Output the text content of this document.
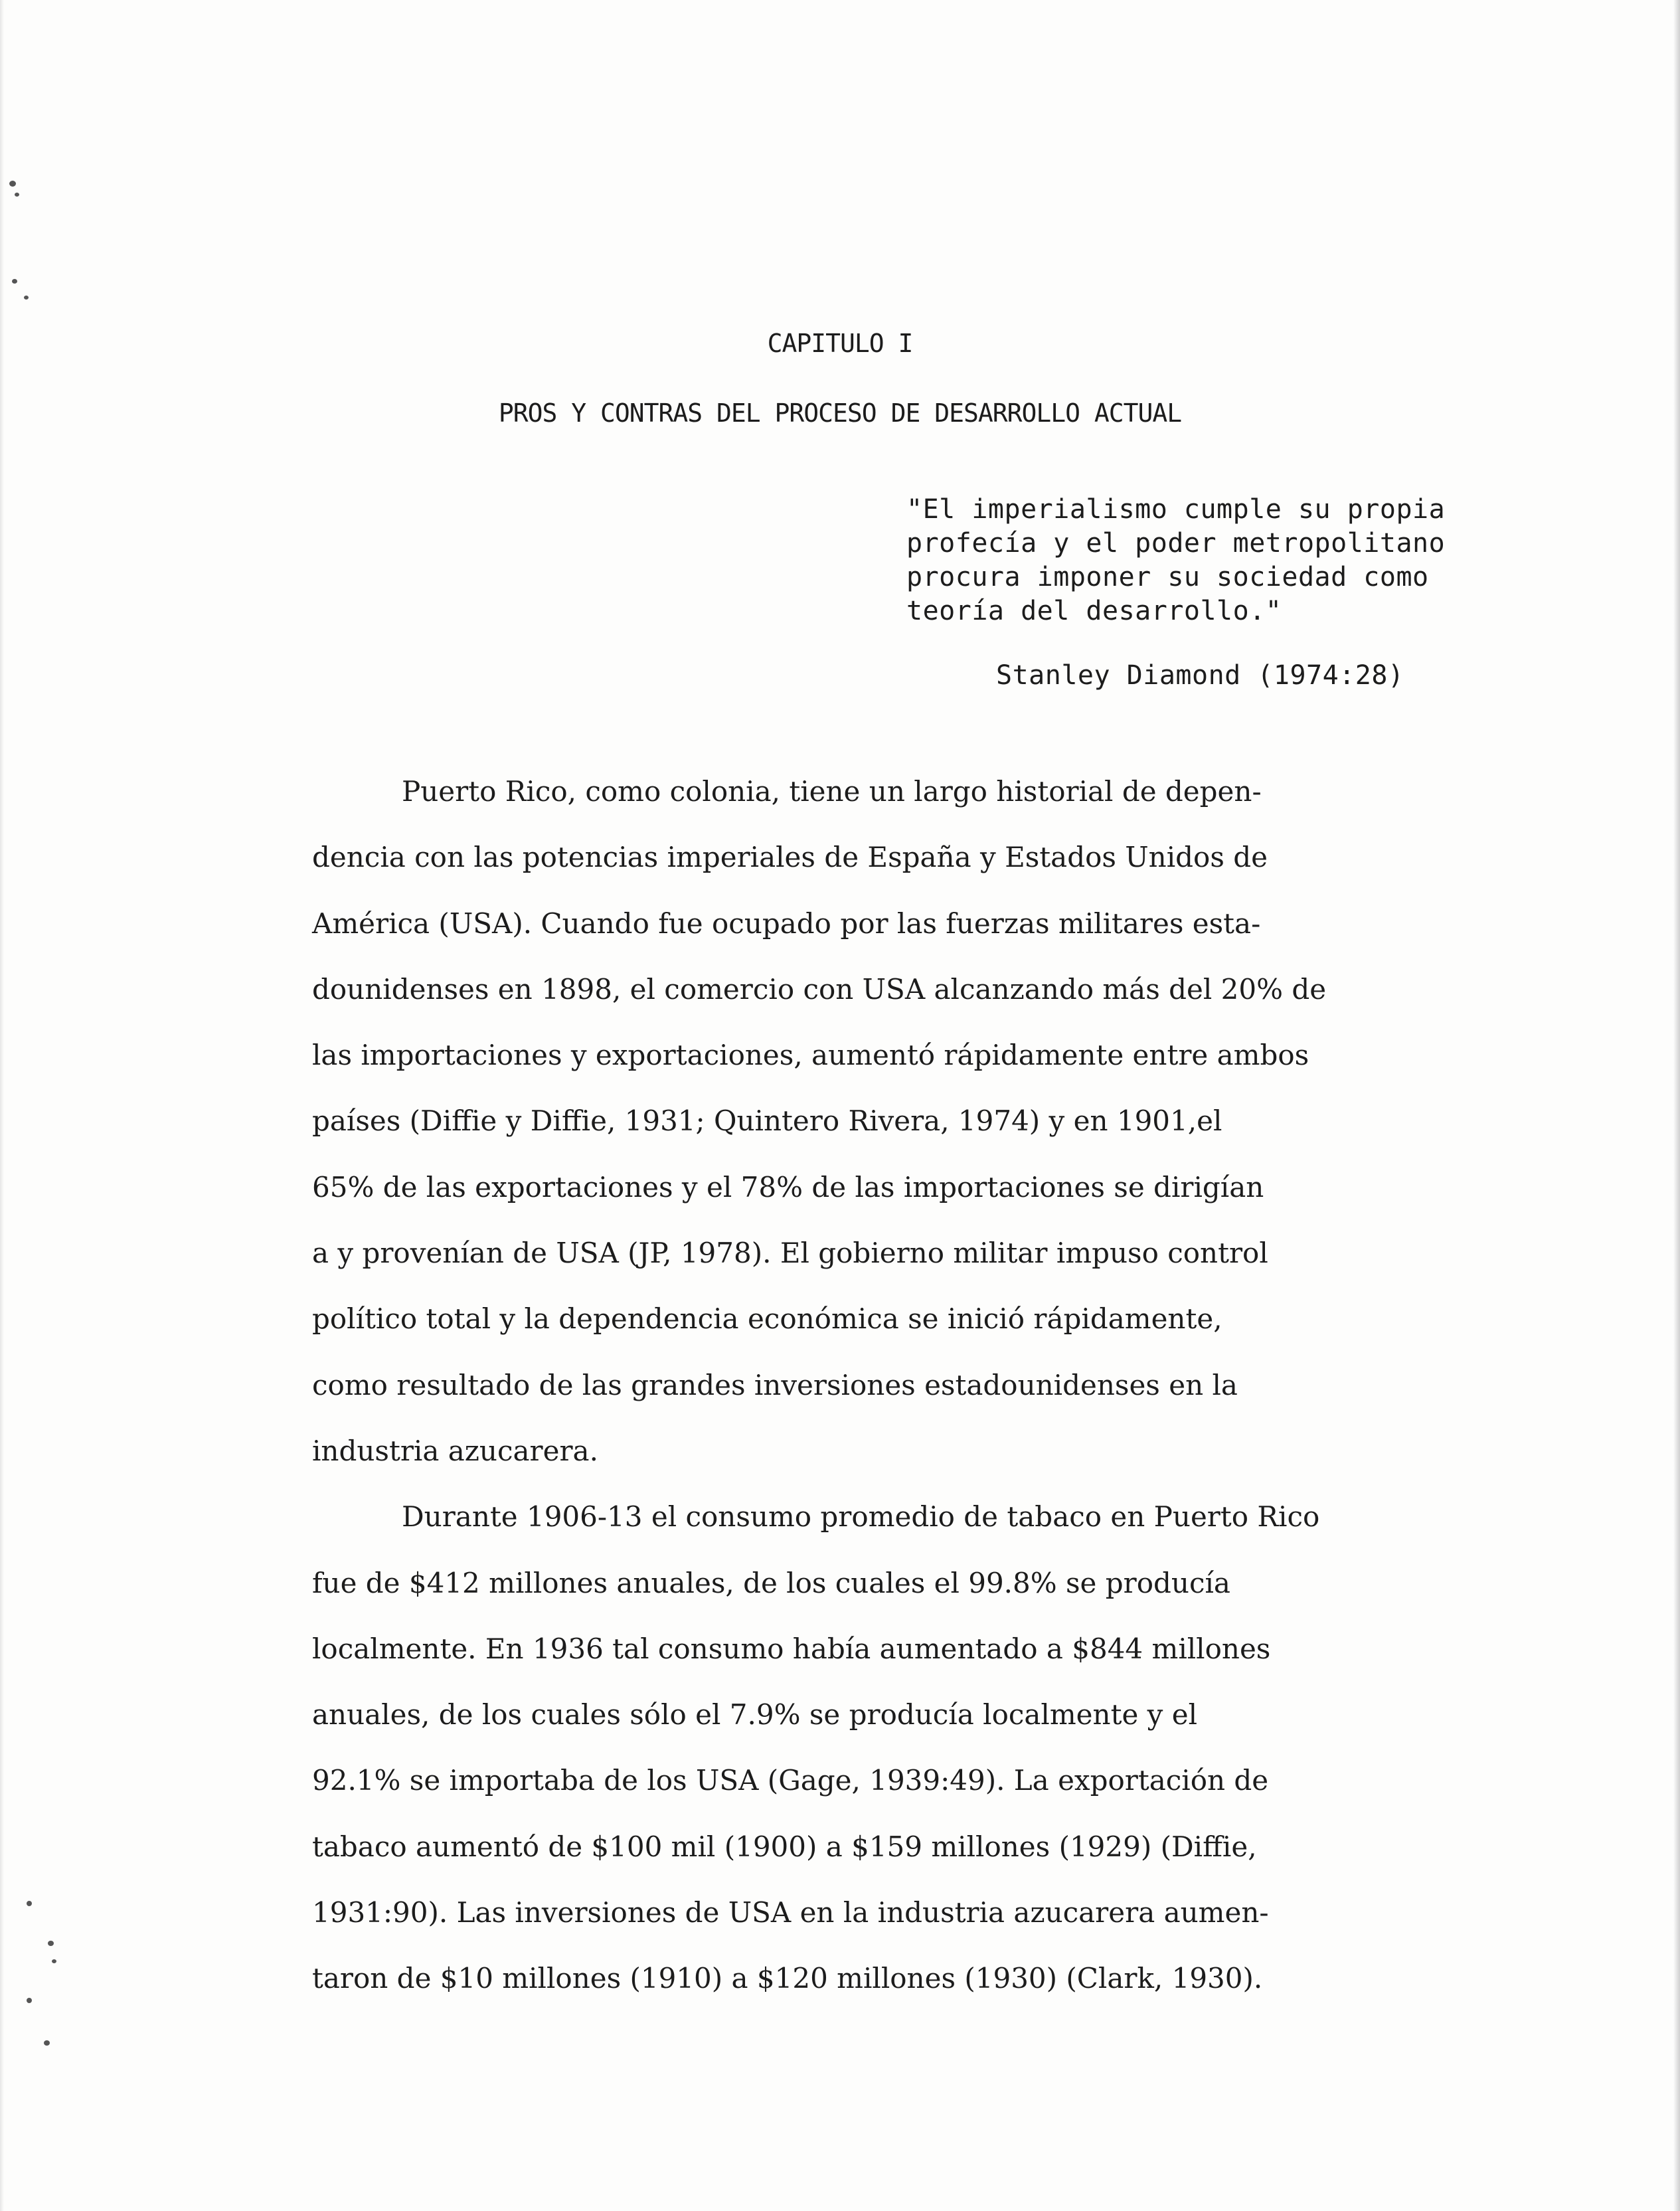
CAPITULO I
PROS Y CONTRAS DEL PROCESO DE DESARROLLO ACTUAL
"El imperialismo cumple su propia
profecía y el poder metropolitano
procura imponer su sociedad como
teoría del desarrollo."
Stanley Diamond (1974:28)
Puerto Rico, como colonia, tiene un largo historial de depen-
dencia con las potencias imperiales de España y Estados Unidos de
América (USA). Cuando fue ocupado por las fuerzas militares esta-
dounidenses en 1898, el comercio con USA alcanzando más del 20% de
las importaciones y exportaciones, aumentó rápidamente entre ambos
países (Diffie y Diffie, 1931; Quintero Rivera, 1974) y en 1901,el
65% de las exportaciones y el 78% de las importaciones se dirigían
a y provenían de USA (JP, 1978). El gobierno militar impuso control
político total y la dependencia económica se inició rápidamente,
como resultado de las grandes inversiones estadounidenses en la
industria azucarera.
Durante 1906-13 el consumo promedio de tabaco en Puerto Rico
fue de $412 millones anuales, de los cuales el 99.8% se producía
localmente. En 1936 tal consumo había aumentado a $844 millones
anuales, de los cuales sólo el 7.9% se producía localmente y el
92.1% se importaba de los USA (Gage, 1939:49). La exportación de
tabaco aumentó de $100 mil (1900) a $159 millones (1929) (Diffie,
1931:90). Las inversiones de USA en la industria azucarera aumen-
taron de $10 millones (1910) a $120 millones (1930) (Clark, 1930).
